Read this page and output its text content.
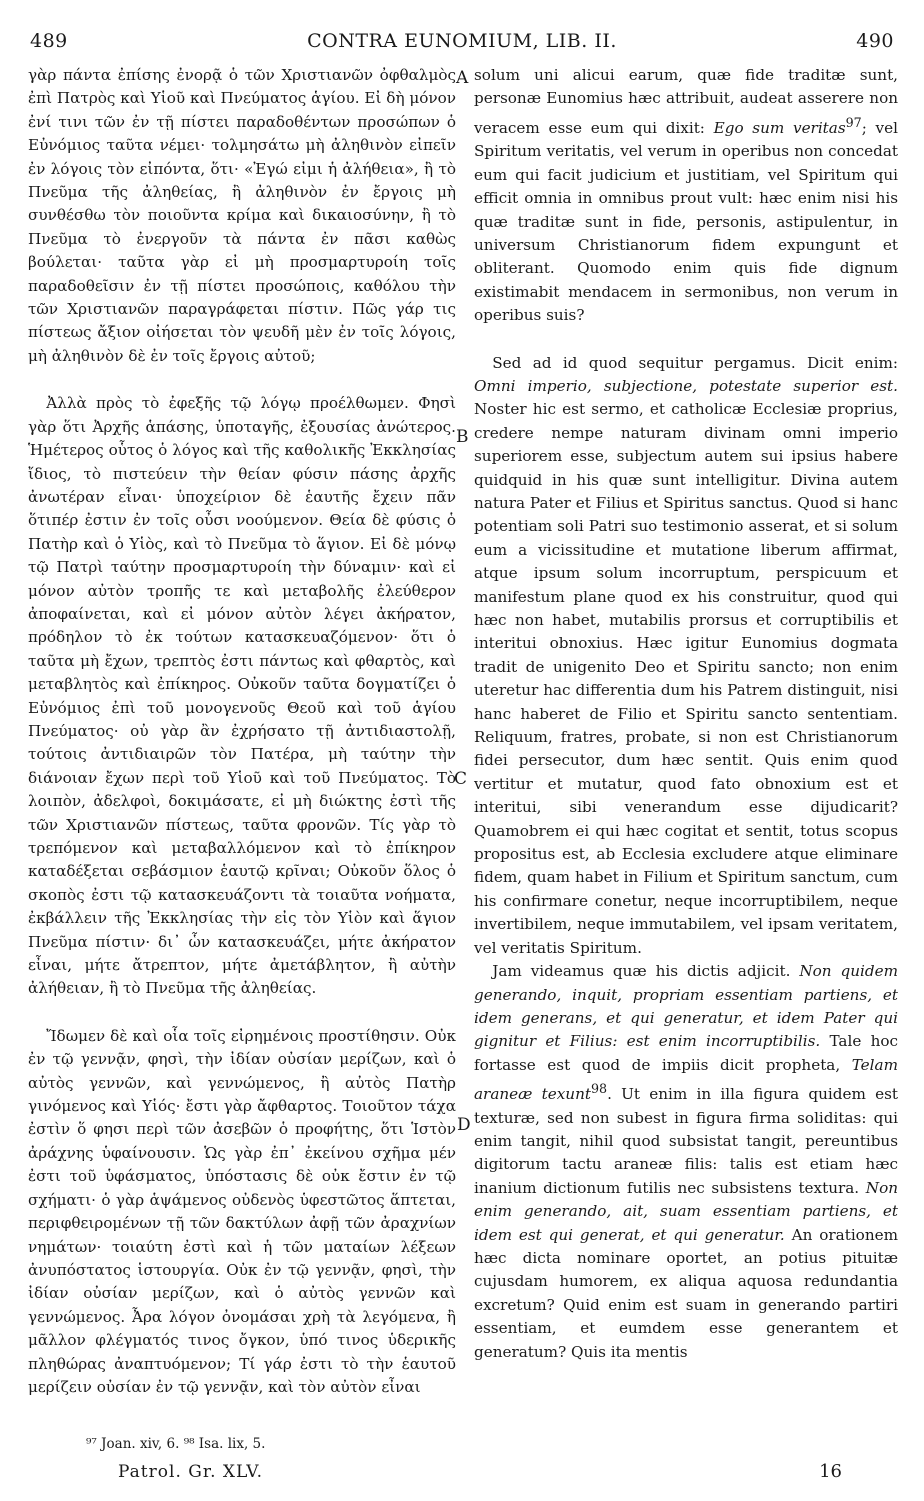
489	CONTRA EUNOMIUM, LIB. II.	490

γὰρ πάντα ἐπίσης ἐνορᾷ ὁ τῶν Χριστιανῶν ὀφθαλμὸς ἐπὶ Πατρὸς καὶ Υἱοῦ καὶ Πνεύματος ἁγίου. Εἰ δὴ μόνον ἐνί τινι τῶν ἐν τῇ πίστει παραδοθέντων προσώπων ὁ Εὐνόμιος ταῦτα νέμει· τολμησάτω μὴ ἀληθινὸν εἰπεῖν ἐν λόγοις τὸν εἰπόντα, ὅτι· «Ἐγώ εἰμι ἡ ἀλήθεια», ἢ τὸ Πνεῦμα τῆς ἀληθείας, ἢ ἀληθινὸν ἐν ἔργοις μὴ συνθέσθω τὸν ποιοῦντα κρίμα καὶ δικαιοσύνην, ἢ τὸ Πνεῦμα τὸ ἐνεργοῦν τὰ πάντα ἐν πᾶσι καθὼς βούλεται· ταῦτα γὰρ εἰ μὴ προσμαρτυροίη τοῖς παραδοθεῖσιν ἐν τῇ πίστει προσώποις, καθόλου τὴν τῶν Χριστιανῶν παραγράφεται πίστιν. Πῶς γάρ τις πίστεως ἄξιον οἰήσεται τὸν ψευδῆ μὲν ἐν τοῖς λόγοις, μὴ ἀληθινὸν δὲ ἐν τοῖς ἔργοις αὐτοῦ;

Ἀλλὰ πρὸς τὸ ἐφεξῆς τῷ λόγῳ προέλθωμεν. Φησὶ γὰρ ὅτι Ἀρχῆς ἁπάσης, ὑποταγῆς, ἐξουσίας ἀνώτερος. Ἡμέτερος οὗτος ὁ λόγος καὶ τῆς καθολικῆς Ἐκκλησίας ἴδιος, τὸ πιστεύειν τὴν θείαν φύσιν πάσης ἀρχῆς ἀνωτέραν εἶναι· ὑποχείριον δὲ ἑαυτῆς ἔχειν πᾶν ὅτιπέρ ἐστιν ἐν τοῖς οὖσι νοούμενον. Θεία δὲ φύσις ὁ Πατὴρ καὶ ὁ Υἱὸς, καὶ τὸ Πνεῦμα τὸ ἅγιον. Εἰ δὲ μόνῳ τῷ Πατρὶ ταύτην προσμαρτυροίη τὴν δύναμιν· καὶ εἰ μόνον αὐτὸν τροπῆς τε καὶ μεταβολῆς ἐλεύθερον ἀποφαίνεται, καὶ εἰ μόνον αὐτὸν λέγει ἀκήρατον, πρόδηλον τὸ ἐκ τούτων κατασκευαζόμενον· ὅτι ὁ ταῦτα μὴ ἔχων, τρεπτὸς ἐστι πάντως καὶ φθαρτὸς, καὶ μεταβλητὸς καὶ ἐπίκηρος. Οὐκοῦν ταῦτα δογματίζει ὁ Εὐνόμιος ἐπὶ τοῦ μονογενοῦς Θεοῦ καὶ τοῦ ἁγίου Πνεύματος· οὐ γὰρ ἂν ἐχρήσατο τῇ ἀντιδιαστολῇ, τούτοις ἀντιδιαιρῶν τὸν Πατέρα, μὴ ταύτην τὴν διάνοιαν ἔχων περὶ τοῦ Υἱοῦ καὶ τοῦ Πνεύματος. Τὸ λοιπὸν, ἀδελφοὶ, δοκιμάσατε, εἰ μὴ διώκτης ἐστὶ τῆς τῶν Χριστιανῶν πίστεως, ταῦτα φρονῶν. Τίς γὰρ τὸ τρεπόμενον καὶ μεταβαλλόμενον καὶ τὸ ἐπίκηρον καταδέξεται σεβάσμιον ἑαυτῷ κρῖναι; Οὐκοῦν ὅλος ὁ σκοπὸς ἐστι τῷ κατασκευάζοντι τὰ τοιαῦτα νοήματα, ἐκβάλλειν τῆς Ἐκκλησίας τὴν εἰς τὸν Υἱὸν καὶ ἅγιον Πνεῦμα πίστιν· δι᾽ ὧν κατασκευάζει, μήτε ἀκήρατον εἶναι, μήτε ἄτρεπτον, μήτε ἀμετάβλητον, ἢ αὐτὴν ἀλήθειαν, ἢ τὸ Πνεῦμα τῆς ἀληθείας.

Ἴδωμεν δὲ καὶ οἷα τοῖς εἰρημένοις προστίθησιν. Οὐκ ἐν τῷ γεννᾷν, φησὶ, τὴν ἰδίαν οὐσίαν μερίζων, καὶ ὁ αὐτὸς γεννῶν, καὶ γεννώμενος, ἢ αὐτὸς Πατὴρ γινόμενος καὶ Υἱός· ἔστι γὰρ ἄφθαρτος. Τοιοῦτον τάχα ἐστὶν ὅ φησι περὶ τῶν ἀσεβῶν ὁ προφήτης, ὅτι Ἱστὸν ἀράχνης ὑφαίνουσιν. Ὡς γὰρ ἐπ᾽ ἐκείνου σχῆμα μέν ἐστι τοῦ ὑφάσματος, ὑπόστασις δὲ οὐκ ἔστιν ἐν τῷ σχήματι· ὁ γὰρ ἁψάμενος οὐδενὸς ὑφεστῶτος ἅπτεται, περιφθειρομένων τῇ τῶν δακτύλων ἀφῇ τῶν ἀραχνίων νημάτων· τοιαύτη ἐστὶ καὶ ἡ τῶν ματαίων λέξεων ἀνυπόστατος ἱστουργία. Οὐκ ἐν τῷ γεννᾷν, φησὶ, τὴν ἰδίαν οὐσίαν μερίζων, καὶ ὁ αὐτὸς γεννῶν καὶ γεννώμενος. Ἆρα λόγον ὀνομάσαι χρὴ τὰ λεγόμενα, ἢ μᾶλλον φλέγματός τινος ὄγκον, ὑπό τινος ὑδερικῆς πληθώρας ἀναπτυόμενον; Τί γάρ ἐστι τὸ τὴν ἑαυτοῦ μερίζειν οὐσίαν ἐν τῷ γεννᾷν, καὶ τὸν αὐτὸν εἶναι

A
B
C
D

solum uni alicui earum, quæ fide traditæ sunt, personæ Eunomius hæc attribuit, audeat asserere non veracem esse eum qui dixit: Ego sum veritas$^{97}$; vel Spiritum veritatis, vel verum in operibus non concedat eum qui facit judicium et justitiam, vel Spiritum qui efficit omnia in omnibus prout vult: hæc enim nisi his quæ traditæ sunt in fide, personis, astipulentur, in universum Christianorum fidem expungunt et obliterant. Quomodo enim quis fide dignum existimabit mendacem in sermonibus, non verum in operibus suis?

Sed ad id quod sequitur pergamus. Dicit enim: Omni imperio, subjectione, potestate superior est. Noster hic est sermo, et catholicæ Ecclesiæ proprius, credere nempe naturam divinam omni imperio superiorem esse, subjectum autem sui ipsius habere quidquid in his quæ sunt intelligitur. Divina autem natura Pater et Filius et Spiritus sanctus. Quod si hanc potentiam soli Patri suo testimonio asserat, et si solum eum a vicissitudine et mutatione liberum affirmat, atque ipsum solum incorruptum, perspicuum et manifestum plane quod ex his construitur, quod qui hæc non habet, mutabilis prorsus et corruptibilis et interitui obnoxius. Hæc igitur Eunomius dogmata tradit de unigenito Deo et Spiritu sancto; non enim uteretur hac differentia dum his Patrem distinguit, nisi hanc haberet de Filio et Spiritu sancto sententiam. Reliquum, fratres, probate, si non est Christianorum fidei persecutor, dum hæc sentit. Quis enim quod vertitur et mutatur, quod fato obnoxium est et interitui, sibi venerandum esse dijudicarit? Quamobrem ei qui hæc cogitat et sentit, totus scopus propositus est, ab Ecclesia excludere atque eliminare fidem, quam habet in Filium et Spiritum sanctum, cum his confirmare conetur, neque incorruptibilem, neque invertibilem, neque immutabilem, vel ipsam veritatem, vel veritatis Spiritum.

Jam videamus quæ his dictis adjicit. Non quidem generando, inquit, propriam essentiam partiens, et idem generans, et qui generatur, et idem Pater qui gignitur et Filius: est enim incorruptibilis. Tale hoc fortasse est quod de impiis dicit propheta, Telam araneæ texunt$^{98}$. Ut enim in illa figura quidem est texturæ, sed non subest in figura firma soliditas: qui enim tangit, nihil quod subsistat tangit, pereuntibus digitorum tactu araneæ filis: talis est etiam hæc inanium dictionum futilis nec subsistens textura. Non enim generando, ait, suam essentiam partiens, et idem est qui generat, et qui generatur. An orationem hæc dicta nominare oportet, an potius pituitæ cujusdam humorem, ex aliqua aquosa redundantia excretum? Quid enim est suam in generando partiri essentiam, et eumdem esse generantem et generatum? Quis ita mentis

⁹⁷ Joan. xiv, 6. ⁹⁸ Isa. lix, 5.
Patrol. Gr. XLV.	16
